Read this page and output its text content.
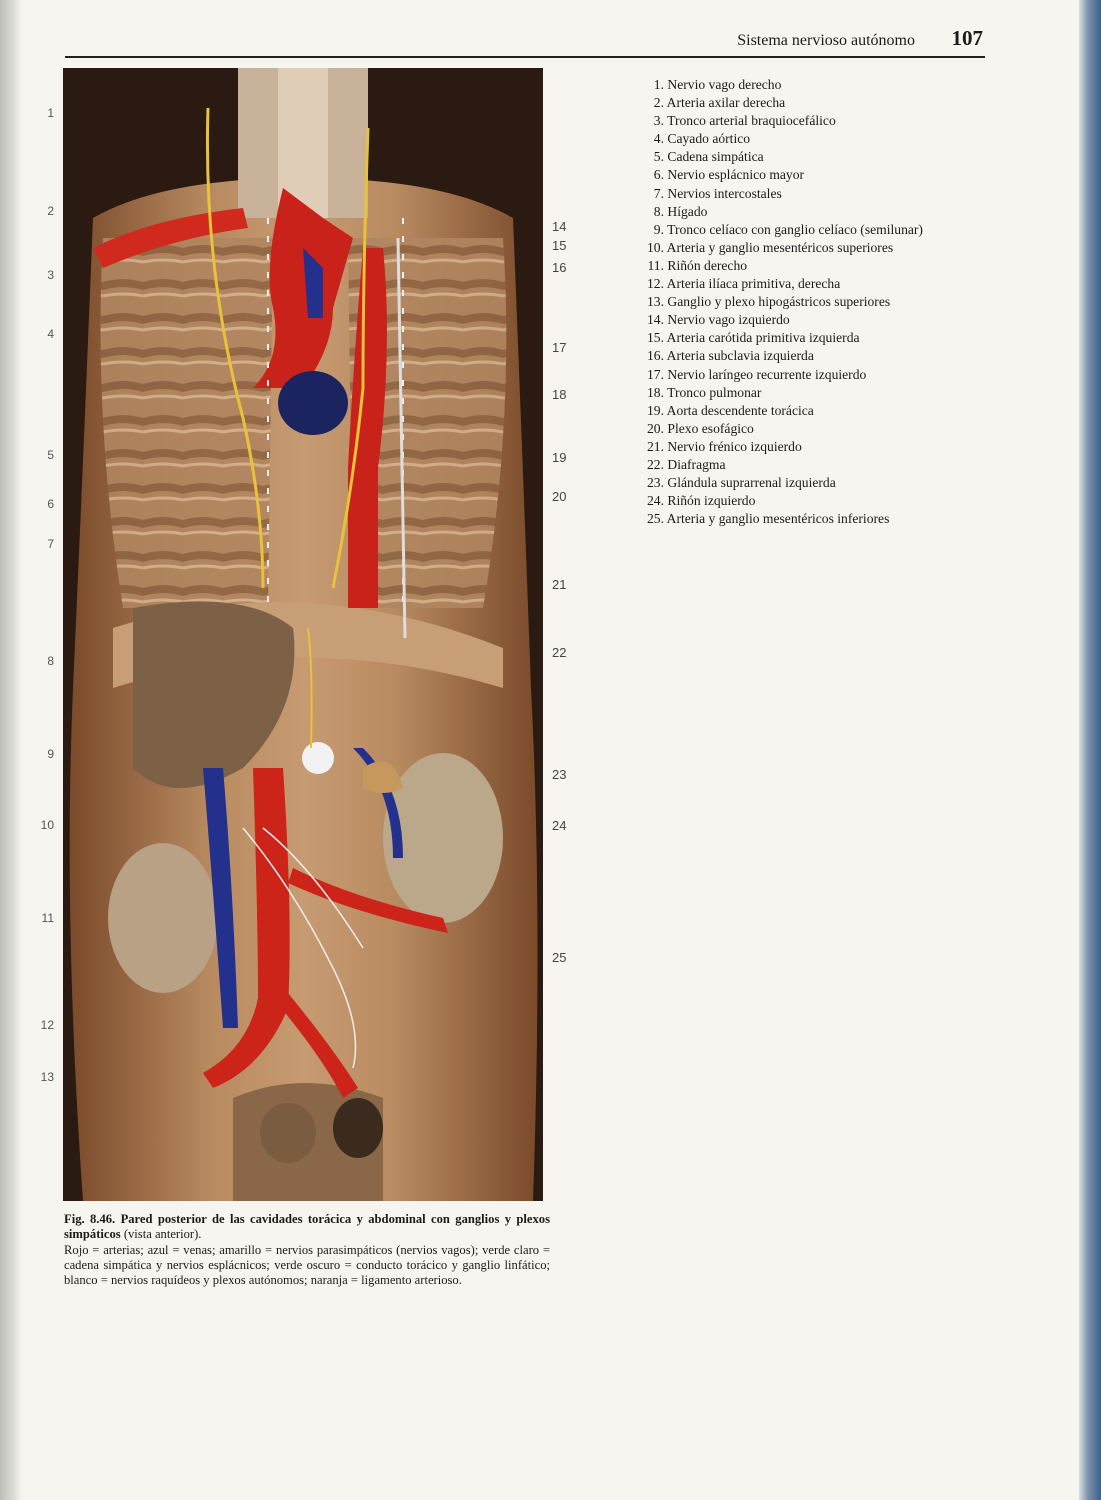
Sistema nervioso autónomo 107
1
2
3
4
5
6
7
8
9
10
11
12
13
14
15
16
17
18
19
20
21
22
23
24
25
1. Nervio vago derecho
2. Arteria axilar derecha
3. Tronco arterial braquiocefálico
4. Cayado aórtico
5. Cadena simpática
6. Nervio esplácnico mayor
7. Nervios intercostales
8. Hígado
9. Tronco celíaco con ganglio celíaco (semilunar)
10. Arteria y ganglio mesentéricos superiores
11. Riñón derecho
12. Arteria ilíaca primitiva, derecha
13. Ganglio y plexo hipogástricos superiores
14. Nervio vago izquierdo
15. Arteria carótida primitiva izquierda
16. Arteria subclavia izquierda
17. Nervio laríngeo recurrente izquierdo
18. Tronco pulmonar
19. Aorta descendente torácica
20. Plexo esofágico
21. Nervio frénico izquierdo
22. Diafragma
23. Glándula suprarrenal izquierda
24. Riñón izquierdo
25. Arteria y ganglio mesentéricos inferiores
Fig. 8.46. Pared posterior de las cavidades torácica y abdominal con ganglios y plexos simpáticos (vista anterior).
Rojo = arterias; azul = venas; amarillo = nervios parasimpáticos (nervios vagos); verde claro = cadena simpática y nervios esplácnicos; verde oscuro = conducto torácico y ganglio linfático; blanco = nervios raquídeos y plexos autónomos; naranja = ligamento arterioso.
